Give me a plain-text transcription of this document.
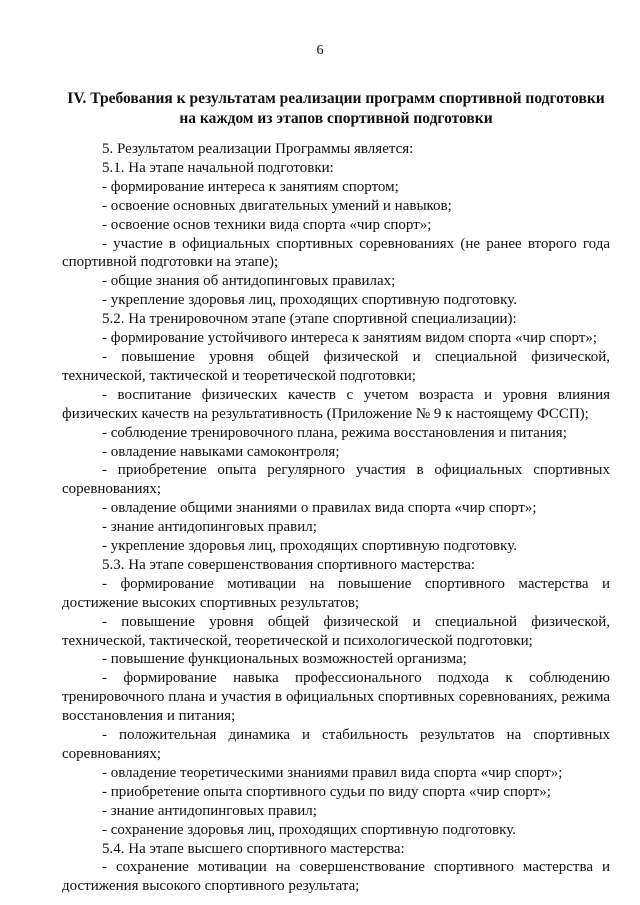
6
IV. Требования к результатам реализации программ спортивной подготовки
на каждом из этапов спортивной подготовки

5. Результатом реализации Программы является:

5.1. На этапе начальной подготовки:

- формирование интереса к занятиям спортом;

- освоение основных двигательных умений и навыков;

- освоение основ техники вида спорта «чир спорт»;

- участие в официальных спортивных соревнованиях (не ранее второго года спортивной подготовки на этапе);

- общие знания об антидопинговых правилах;

- укрепление здоровья лиц, проходящих спортивную подготовку.

5.2. На тренировочном этапе (этапе спортивной специализации):

- формирование устойчивого интереса к занятиям видом спорта «чир спорт»;

- повышение уровня общей физической и специальной физической, технической, тактической и теоретической подготовки;

- воспитание физических качеств с учетом возраста и уровня влияния физических качеств на результативность (Приложение № 9 к настоящему ФССП);

- соблюдение тренировочного плана, режима восстановления и питания;

- овладение навыками самоконтроля;

- приобретение опыта регулярного участия в официальных спортивных соревнованиях;

- овладение общими знаниями о правилах вида спорта «чир спорт»;

- знание антидопинговых правил;

- укрепление здоровья лиц, проходящих спортивную подготовку.

5.3. На этапе совершенствования спортивного мастерства:

- формирование мотивации на повышение спортивного мастерства и достижение высоких спортивных результатов;

- повышение уровня общей физической и специальной физической, технической, тактической, теоретической и психологической подготовки;

- повышение функциональных возможностей организма;

- формирование навыка профессионального подхода к соблюдению тренировочного плана и участия в официальных спортивных соревнованиях, режима восстановления и питания;

- положительная динамика и стабильность результатов на спортивных соревнованиях;

- овладение теоретическими знаниями правил вида спорта «чир спорт»;

- приобретение опыта спортивного судьи по виду спорта «чир спорт»;

- знание антидопинговых правил;

- сохранение здоровья лиц, проходящих спортивную подготовку.

5.4. На этапе высшего спортивного мастерства:

- сохранение мотивации на совершенствование спортивного мастерства и достижения высокого спортивного результата;
